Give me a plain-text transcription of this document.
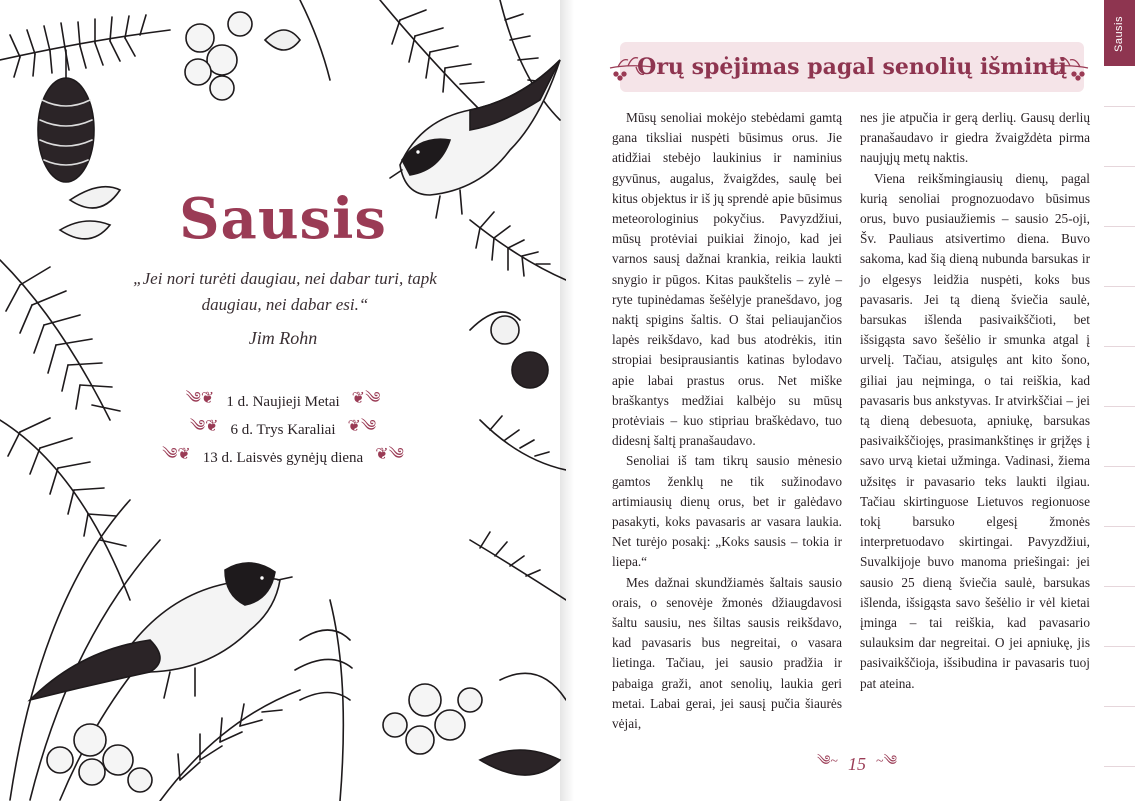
Sausis
„Jei nori turėti daugiau, nei dabar turi, tapk daugiau, nei dabar esi.“
Jim Rohn
༄❦ 1 d. Naujieji Metai ❦༄
༄❦ 6 d. Trys Karaliai ❦༄
༄❦ 13 d. Laisvės gynėjų diena ❦༄
Orų spėjimas pagal senolių išmintį

Mūsų senoliai mokėjo stebėdami gamtą gana tiksliai nuspėti būsimus orus. Jie atidžiai stebėjo laukinius ir naminius gyvūnus, augalus, žvaigždes, saulę bei kitus objektus ir iš jų sprendė apie būsimus meteorologinius pokyčius. Pavyzdžiui, mūsų protėviai puikiai žinojo, kad jei varnos sausį dažnai krankia, reikia laukti snygio ir pūgos. Kitas paukštelis – zylė – ryte tupinėdamas šešėlyje pranešdavo, jog naktį spigins šaltis. O štai peliaujančios lapės reikšdavo, kad bus atodrėkis, itin stropiai besiprausiantis katinas bylodavo apie labai prastus orus. Net miške braškantys medžiai kalbėjo su mūsų protėviais – kuo stipriau braškėdavo, tuo didesnį šaltį pranašaudavo.

Senoliai iš tam tikrų sausio mėnesio gamtos ženklų ne tik sužinodavo artimiausių dienų orus, bet ir galėdavo pasakyti, koks pavasaris ar vasara laukia. Net turėjo posakį: „Koks sausis – tokia ir liepa.“

Mes dažnai skundžiamės šaltais sausio orais, o senovėje žmonės džiaugdavosi šaltu sausiu, nes šiltas sausis reikšdavo, kad pavasaris bus negreitai, o vasara lietinga. Tačiau, jei sausio pradžia ir pabaiga graži, anot senolių, laukia geri metai. Labai gerai, jei sausį pučia šiaurės vėjai,

nes jie atpučia ir gerą derlių. Gausų derlių pranašaudavo ir giedra žvaigždėta pirma naujųjų metų naktis.

Viena reikšmingiausių dienų, pagal kurią senoliai prognozuodavo būsimus orus, buvo pusiaužiemis – sausio 25-oji, Šv. Pauliaus atsivertimo diena. Buvo sakoma, kad šią dieną nubunda barsukas ir jo elgesys leidžia nuspėti, koks bus pavasaris. Jei tą dieną šviečia saulė, barsukas išlenda pasivaikščioti, bet išsigąsta savo šešėlio ir smunka atgal į urvelį. Tačiau, atsigulęs ant kito šono, giliai jau neįminga, o tai reiškia, kad pavasaris bus ankstyvas. Ir atvirkščiai – jei tą dieną debesuota, apniukę, barsukas pasivaikščiojęs, prasimankštinęs ir grįžęs į savo urvą kietai užminga. Vadinasi, žiema užsitęs ir pavasario teks laukti ilgiau. Tačiau skirtinguose Lietuvos regionuose tokį barsuko elgesį žmonės interpretuodavo skirtingai. Pavyzdžiui, Suvalkijoje buvo manoma priešingai: jei sausio 25 dieną šviečia saulė, barsukas išlenda, išsigąsta savo šešėlio ir vėl kietai įminga – tai reiškia, kad pavasario sulauksim dar negreitai. O jei apniukę, jis pasivaikščioja, išsibudina ir pavasaris tuoj pat ateina.

༄~ 15 ~༄
Sausis
